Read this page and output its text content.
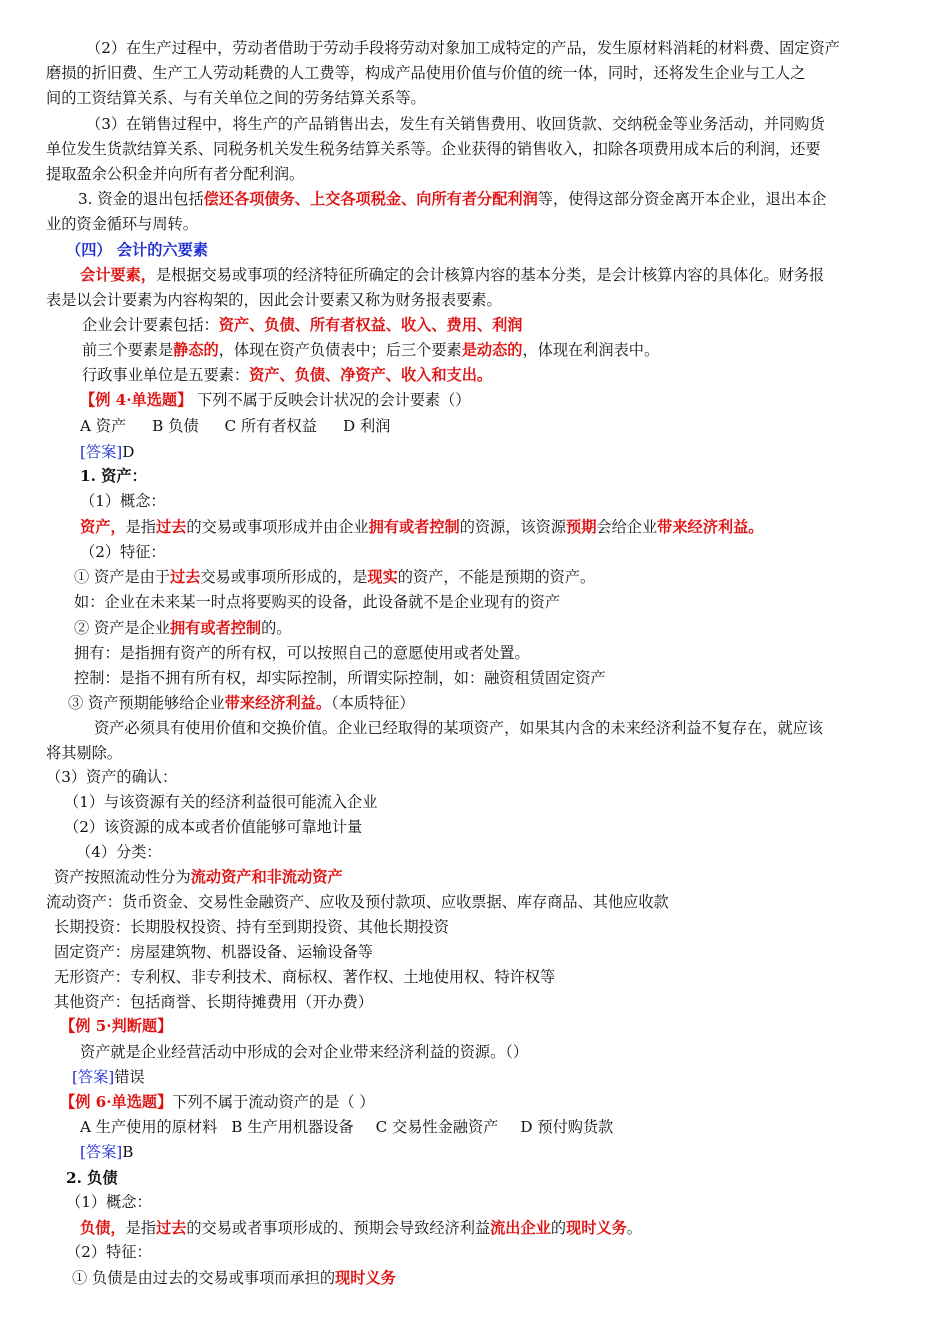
（2）在生产过程中，劳动者借助于劳动手段将劳动对象加工成特定的产品，发生原材料消耗的材料费、固定资产
磨损的折旧费、生产工人劳动耗费的人工费等，构成产品使用价值与价值的统一体，同时，还将发生企业与工人之
间的工资结算关系、与有关单位之间的劳务结算关系等。
（3）在销售过程中，将生产的产品销售出去，发生有关销售费用、收回货款、交纳税金等业务活动，并同购货
单位发生货款结算关系、同税务机关发生税务结算关系等。企业获得的销售收入，扣除各项费用成本后的利润，还要
提取盈余公积金并向所有者分配利润。
3. 资金的退出包括偿还各项债务、上交各项税金、向所有者分配利润等，使得这部分资金离开本企业，退出本企
业的资金循环与周转。
（四） 会计的六要素
会计要素，是根据交易或事项的经济特征所确定的会计核算内容的基本分类，是会计核算内容的具体化。财务报
表是以会计要素为内容构架的，因此会计要素又称为财务报表要素。
企业会计要素包括：资产、负债、所有者权益、收入、费用、利润
前三个要素是静态的，体现在资产负债表中；后三个要素是动态的，体现在利润表中。
行政事业单位是五要素：资产、负债、净资产、收入和支出。
【例 4·单选题】 下列不属于反映会计状况的会计要素（）
A 资产 B 负债 C 所有者权益 D 利润
[答案]D
1. 资产：
（1）概念：
资产，是指过去的交易或事项形成并由企业拥有或者控制的资源，该资源预期会给企业带来经济利益。
（2）特征：
① 资产是由于过去交易或事项所形成的，是现实的资产，不能是预期的资产。
如：企业在未来某一时点将要购买的设备，此设备就不是企业现有的资产
② 资产是企业拥有或者控制的。
拥有：是指拥有资产的所有权，可以按照自己的意愿使用或者处置。
控制：是指不拥有所有权，却实际控制，所谓实际控制，如：融资租赁固定资产
③ 资产预期能够给企业带来经济利益。（本质特征）
资产必须具有使用价值和交换价值。企业已经取得的某项资产，如果其内含的未来经济利益不复存在，就应该
将其剔除。
（3）资产的确认：
（1）与该资源有关的经济利益很可能流入企业
（2）该资源的成本或者价值能够可靠地计量
（4）分类：
资产按照流动性分为流动资产和非流动资产
流动资产：货币资金、交易性金融资产、应收及预付款项、应收票据、库存商品、其他应收款
长期投资：长期股权投资、持有至到期投资、其他长期投资
固定资产：房屋建筑物、机器设备、运输设备等
无形资产：专利权、非专利技术、商标权、著作权、土地使用权、特许权等
其他资产：包括商誉、长期待摊费用（开办费）
【例 5·判断题】
资产就是企业经营活动中形成的会对企业带来经济利益的资源。（）
[答案]错误
【例 6·单选题】下列不属于流动资产的是（ ）
A 生产使用的原材料 B 生产用机器设备 C 交易性金融资产 D 预付购货款
[答案]B
2. 负债
（1）概念：
负债，是指过去的交易或者事项形成的、预期会导致经济利益流出企业的现时义务。
（2）特征：
① 负债是由过去的交易或事项而承担的现时义务
